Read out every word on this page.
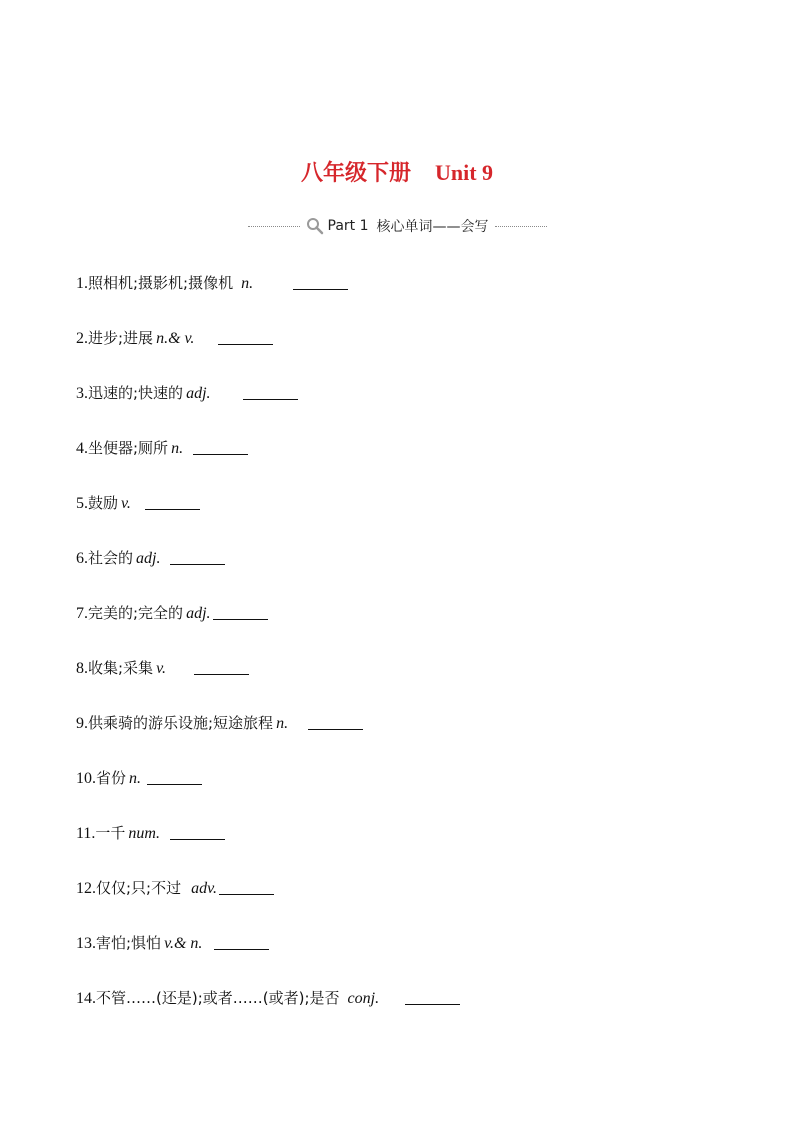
八年级下册 Unit 9
Part 1 核心单词——会写
1.照相机;摄影机;摄像机 n.
2.进步;进展 n.& v.
3.迅速的;快速的 adj.
4.坐便器;厕所 n.
5.鼓励 v.
6.社会的 adj.
7.完美的;完全的 adj.
8.收集;采集 v.
9.供乘骑的游乐设施;短途旅程 n.
10.省份 n.
11.一千 num.
12.仅仅;只;不过 adv.
13.害怕;惧怕 v.& n.
14.不管……(还是);或者……(或者);是否 conj.
